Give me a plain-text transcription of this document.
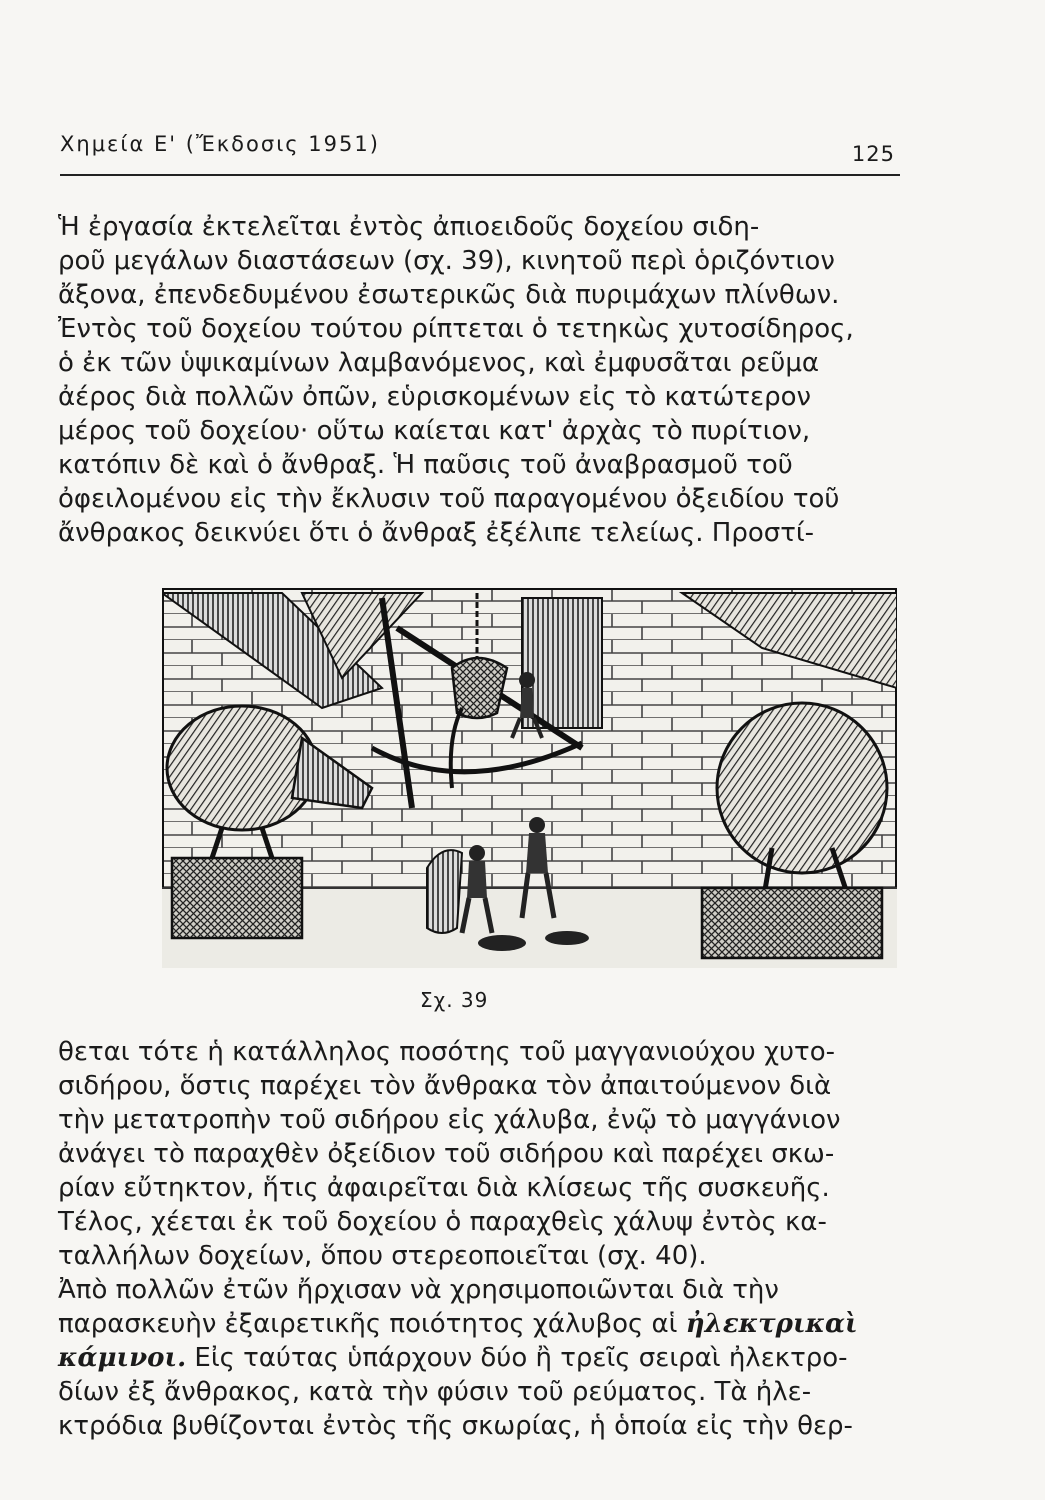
Χημεία Ε' (Ἔκδοσις 1951)	125

Ἡ ἐργασία ἐκτελεῖται ἐντὸς ἀπιοειδοῦς δοχείου σιδη-
ροῦ μεγάλων διαστάσεων (σχ. 39), κινητοῦ περὶ ὁριζόντιον
ἄξονα, ἐπενδεδυμένου ἐσωτερικῶς διὰ πυριμάχων πλίνθων.
Ἐντὸς τοῦ δοχείου τούτου ρίπτεται ὁ τετηκὼς χυτοσίδηρος,
ὁ ἐκ τῶν ὑψικαμίνων λαμβανόμενος, καὶ ἐμφυσᾶται ρεῦμα
ἀέρος διὰ πολλῶν ὀπῶν, εὑρισκομένων εἰς τὸ κατώτερον
μέρος τοῦ δοχείου· οὕτω καίεται κατ' ἀρχὰς τὸ πυρίτιον,
κατόπιν δὲ καὶ ὁ ἄνθραξ. Ἡ παῦσις τοῦ ἀναβρασμοῦ τοῦ
ὀφειλομένου εἰς τὴν ἔκλυσιν τοῦ παραγομένου ὀξειδίου τοῦ
ἄνθρακος δεικνύει ὅτι ὁ ἄνθραξ ἐξέλιπε τελείως. Προστί-

Σχ. 39

θεται τότε ἡ κατάλληλος ποσότης τοῦ μαγγανιούχου χυτο-
σιδήρου, ὅστις παρέχει τὸν ἄνθρακα τὸν ἀπαιτούμενον διὰ
τὴν μετατροπὴν τοῦ σιδήρου εἰς χάλυβα, ἐνῷ τὸ μαγγάνιον
ἀνάγει τὸ παραχθὲν ὀξείδιον τοῦ σιδήρου καὶ παρέχει σκω-
ρίαν εὔτηκτον, ἥτις ἀφαιρεῖται διὰ κλίσεως τῆς συσκευῆς.
Τέλος, χέεται ἐκ τοῦ δοχείου ὁ παραχθεὶς χάλυψ ἐντὸς κα-
ταλλήλων δοχείων, ὅπου στερεοποιεῖται (σχ. 40).
Ἀπὸ πολλῶν ἐτῶν ἤρχισαν νὰ χρησιμοποιῶνται διὰ τὴν
παρασκευὴν ἐξαιρετικῆς ποιότητος χάλυβος αἱ ἠλεκτρικαὶ
κάμινοι. Εἰς ταύτας ὑπάρχουν δύο ἢ τρεῖς σειραὶ ἠλεκτρο-
δίων ἐξ ἄνθρακος, κατὰ τὴν φύσιν τοῦ ρεύματος. Τὰ ἠλε-
κτρόδια βυθίζονται ἐντὸς τῆς σκωρίας, ἡ ὁποία εἰς τὴν θερ-
